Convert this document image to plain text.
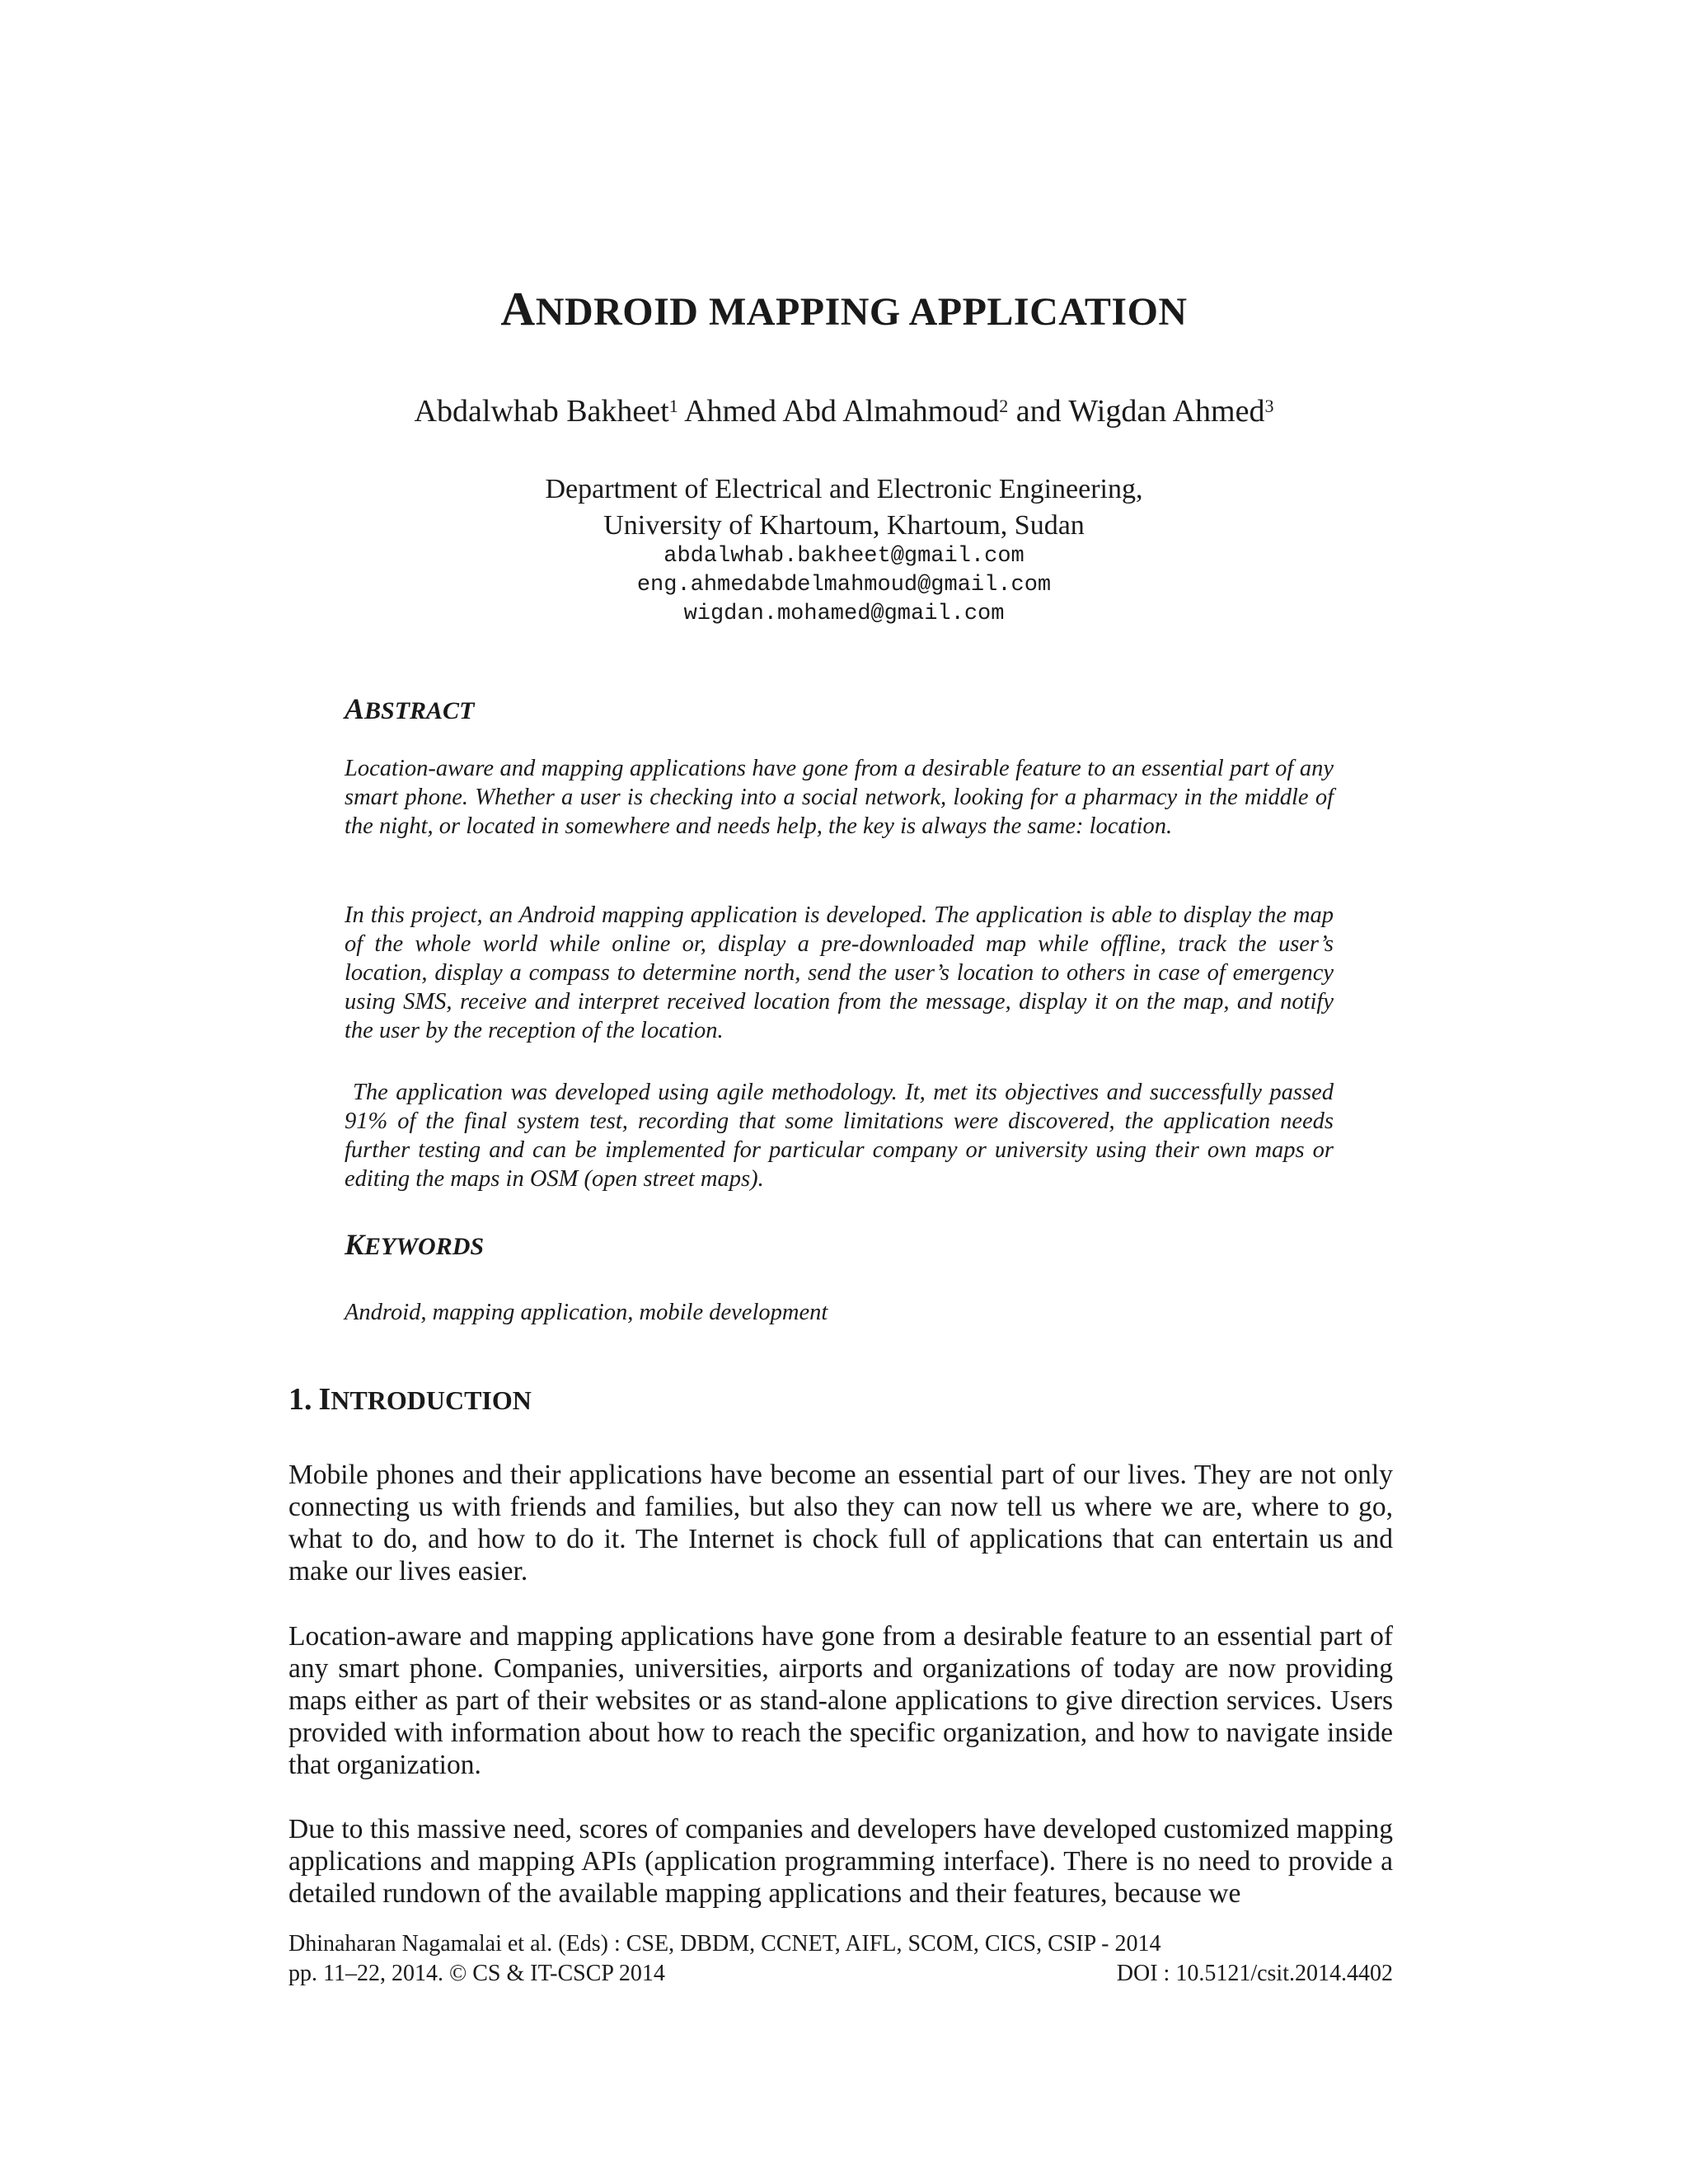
ANDROID MAPPING APPLICATION
Abdalwhab Bakheet$^1$ Ahmed Abd Almahmoud$^2$ and Wigdan Ahmed$^3$
Department of Electrical and Electronic Engineering,
University of Khartoum, Khartoum, Sudan
abdalwhab.bakheet@gmail.com
eng.ahmedabdelmahmoud@gmail.com
wigdan.mohamed@gmail.com
ABSTRACT
Location-aware and mapping applications have gone from a desirable feature to an essential part of any smart phone. Whether a user is checking into a social network, looking for a pharmacy in the middle of the night, or located in somewhere and needs help, the key is always the same: location.
In this project, an Android mapping application is developed. The application is able to display the map of the whole world while online or, display a pre-downloaded map while offline, track the user’s location, display a compass to determine north, send the user’s location to others in case of emergency using SMS, receive and interpret received location from the message, display it on the map, and notify the user by the reception of the location.
The application was developed using agile methodology. It, met its objectives and successfully passed 91% of the final system test, recording that some limitations were discovered, the application needs further testing and can be implemented for particular company or university using their own maps or editing the maps in OSM (open street maps).
KEYWORDS
Android, mapping application, mobile development
1. INTRODUCTION
Mobile phones and their applications have become an essential part of our lives. They are not only connecting us with friends and families, but also they can now tell us where we are, where to go, what to do, and how to do it. The Internet is chock full of applications that can entertain us and make our lives easier.
Location-aware and mapping applications have gone from a desirable feature to an essential part of any smart phone. Companies, universities, airports and organizations of today are now providing maps either as part of their websites or as stand-alone applications to give direction services. Users provided with information about how to reach the specific organization, and how to navigate inside that organization.
Due to this massive need, scores of companies and developers have developed customized mapping applications and mapping APIs (application programming interface). There is no need to provide a detailed rundown of the available mapping applications and their features, because we
Dhinaharan Nagamalai et al. (Eds) : CSE, DBDM, CCNET, AIFL, SCOM, CICS, CSIP - 2014
pp. 11–22, 2014. © CS & IT-CSCP 2014	DOI : 10.5121/csit.2014.4402
